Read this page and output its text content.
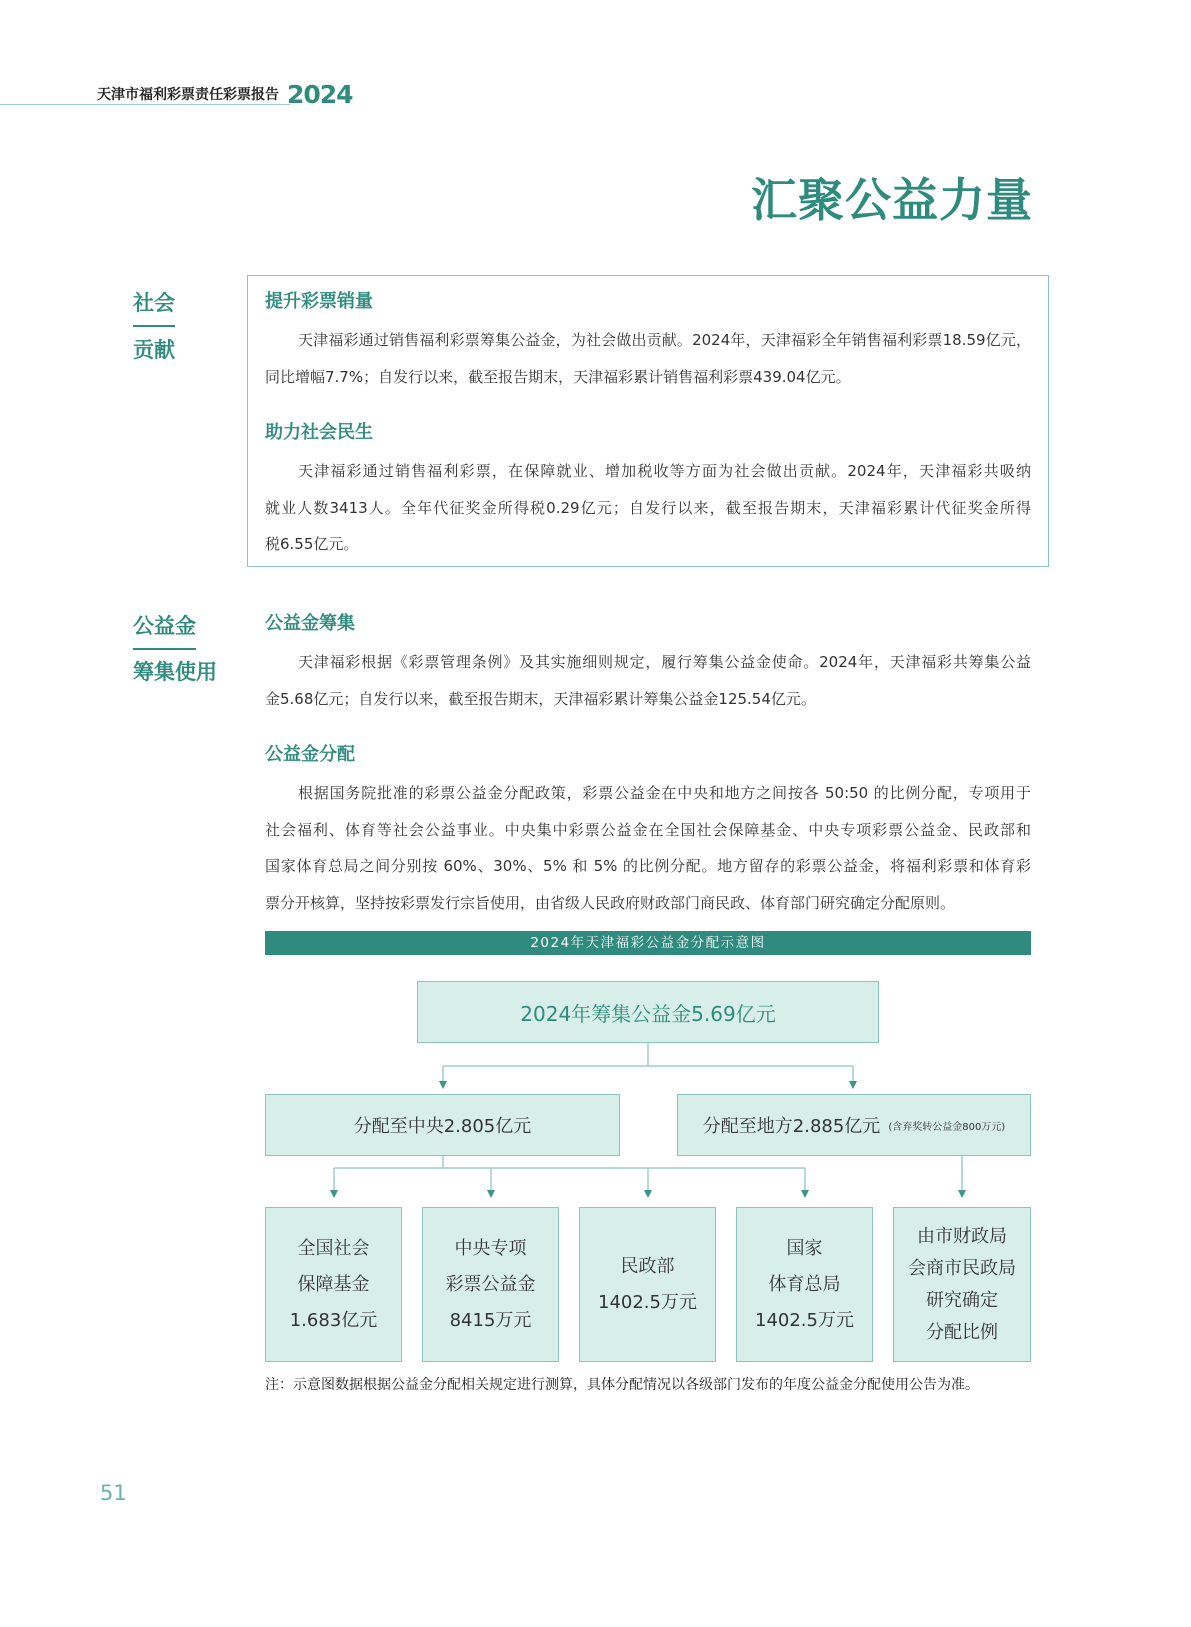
天津市福利彩票责任彩票报告 2024
汇聚公益力量
社会
贡献
提升彩票销量
天津福彩通过销售福利彩票筹集公益金，为社会做出贡献。2024年，天津福彩全年销售福利彩票18.59亿元，
同比增幅7.7%；自发行以来，截至报告期末，天津福彩累计销售福利彩票439.04亿元。
助力社会民生
天津福彩通过销售福利彩票，在保障就业、增加税收等方面为社会做出贡献。2024年，天津福彩共吸纳
就业人数3413人。全年代征奖金所得税0.29亿元；自发行以来，截至报告期末，天津福彩累计代征奖金所得
税6.55亿元。
公益金
筹集使用
公益金筹集
天津福彩根据《彩票管理条例》及其实施细则规定，履行筹集公益金使命。2024年，天津福彩共筹集公益
金5.68亿元；自发行以来，截至报告期末，天津福彩累计筹集公益金125.54亿元。
公益金分配
根据国务院批准的彩票公益金分配政策，彩票公益金在中央和地方之间按各 50:50 的比例分配，专项用于
社会福利、体育等社会公益事业。中央集中彩票公益金在全国社会保障基金、中央专项彩票公益金、民政部和
国家体育总局之间分别按 60%、30%、5% 和 5% 的比例分配。地方留存的彩票公益金，将福利彩票和体育彩
票分开核算，坚持按彩票发行宗旨使用，由省级人民政府财政部门商民政、体育部门研究确定分配原则。
2024年天津福彩公益金分配示意图
2024年筹集公益金5.69亿元
分配至中央2.805亿元	分配至地方2.885亿元 (含弃奖转公益金800万元)
全国社会
保障基金
1.683亿元
中央专项
彩票公益金
8415万元
民政部
1402.5万元
国家
体育总局
1402.5万元
由市财政局
会商市民政局
研究确定
分配比例
注：示意图数据根据公益金分配相关规定进行测算，具体分配情况以各级部门发布的年度公益金分配使用公告为准。
51
